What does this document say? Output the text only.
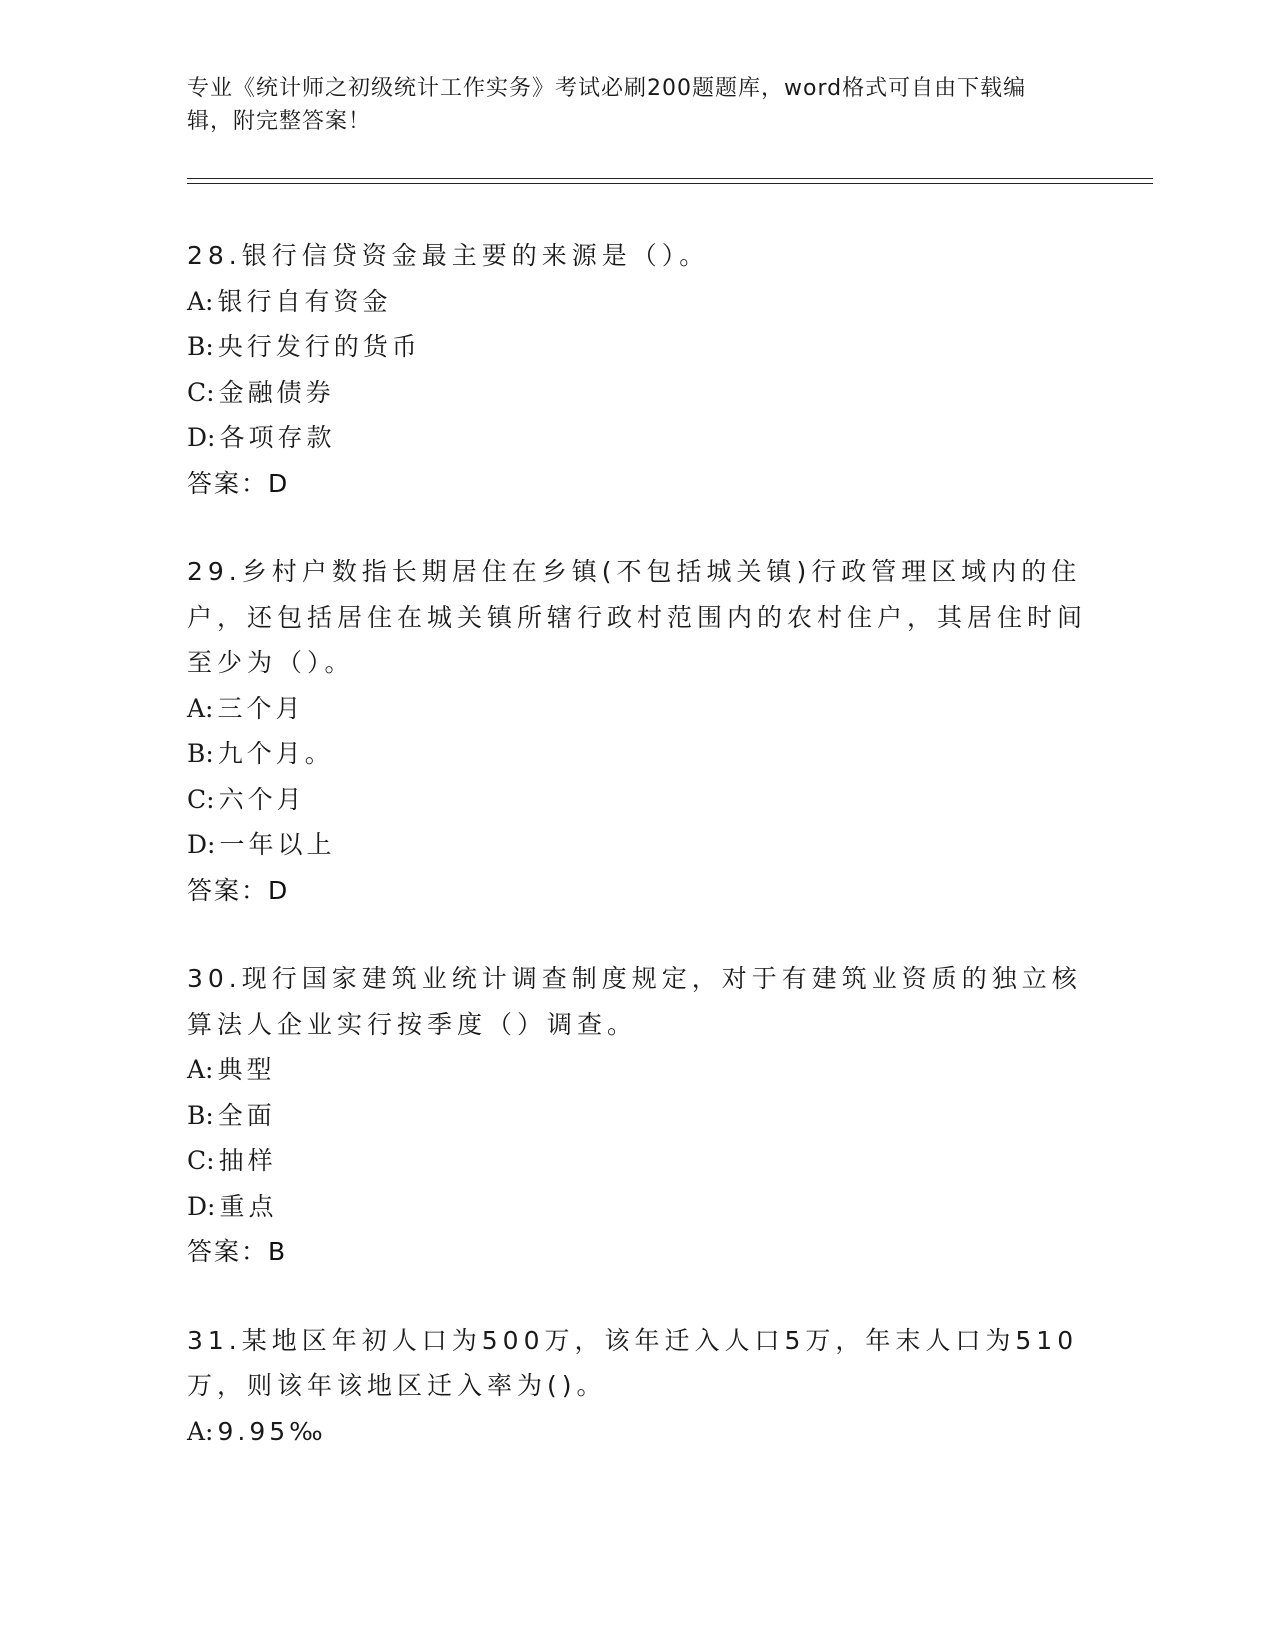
专业《统计师之初级统计工作实务》考试必刷200题题库，word格式可自由下载编辑，附完整答案！

28.银行信贷资金最主要的来源是（）。

A: 银行自有资金

B: 央行发行的货币

C: 金融债券

D: 各项存款

答案：D

29.乡村户数指长期居住在乡镇(不包括城关镇)行政管理区域内的住户，还包括居住在城关镇所辖行政村范围内的农村住户，其居住时间至少为（）。

A: 三个月

B: 九个月。

C: 六个月

D: 一年以上

答案：D

30.现行国家建筑业统计调查制度规定，对于有建筑业资质的独立核算法人企业实行按季度（）调查。

A: 典型

B: 全面

C: 抽样

D: 重点

答案：B

31.某地区年初人口为500万，该年迁入人口5万，年末人口为510万，则该年该地区迁入率为()。

A: 9.95‰
